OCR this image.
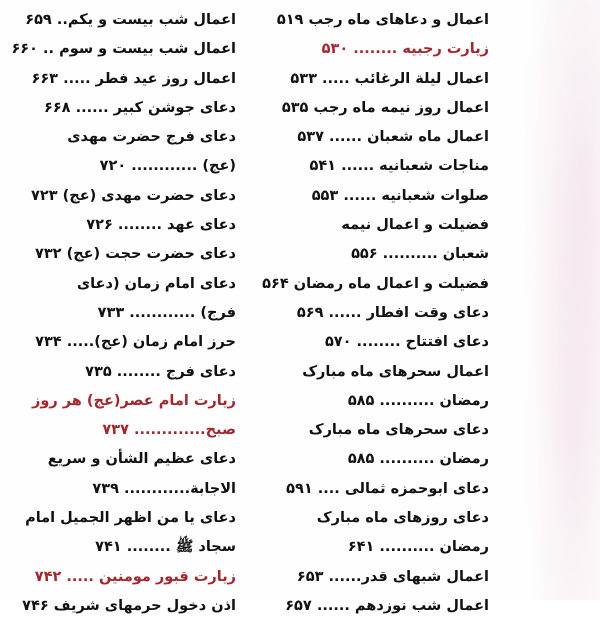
اعمال و دعاهای ماه رجب ۵۱۹
زیارت رجبیه ........ ۵۳۰
اعمال لیلة الرغائب ..... ۵۳۳
اعمال روز نیمه ماه رجب ۵۳۵
اعمال ماه شعبان ...... ۵۳۷
مناجات شعبانیه ...... ۵۴۱
صلوات شعبانیه ...... ۵۵۳
فضیلت و اعمال نیمه
شعبان .......... ۵۵۶
فضیلت و اعمال ماه رمضان ۵۶۴
دعای وقت افطار ...... ۵۶۹
دعای افتتاح ........ ۵۷۰
اعمال سحرهای ماه مبارک
رمضان .......... ۵۸۵
دعای سحرهای ماه مبارک
رمضان .......... ۵۸۵
دعای ابوحمزه ثمالی .... ۵۹۱
دعای روزهای ماه مبارک
رمضان .......... ۶۴۱
اعمال شبهای قدر...... ۶۵۳
اعمال شب نوزدهم ...... ۶۵۷
اعمال شب بیست و یکم.. ۶۵۹
اعمال شب بیست و سوم .. ۶۶۰
اعمال روز عید فطر ..... ۶۶۳
دعای جوشن کبیر ...... ۶۶۸
دعای فرج حضرت مهدی
(عج) ............ ۷۲۰
دعای حضرت مهدی (عج) ۷۲۳
دعای عهد ........ ۷۲۶
دعای حضرت حجت (عج) ۷۳۲
دعای امام زمان (دعای
فرج) ............ ۷۳۳
حرز امام زمان (عج)..... ۷۳۴
دعای فرج ........ ۷۳۵
زیارت امام عصر(عج) هر روز
صبح............. ۷۳۷
دعای عظیم الشأن و سریع
الاجابة............ ۷۳۹
دعای یا من اظهر الجمیل امام
سجاد ﷺ ........ ۷۴۱
زیارت قبور مومنین ..... ۷۴۲
اذن دخول حرمهای شریف ۷۴۶
